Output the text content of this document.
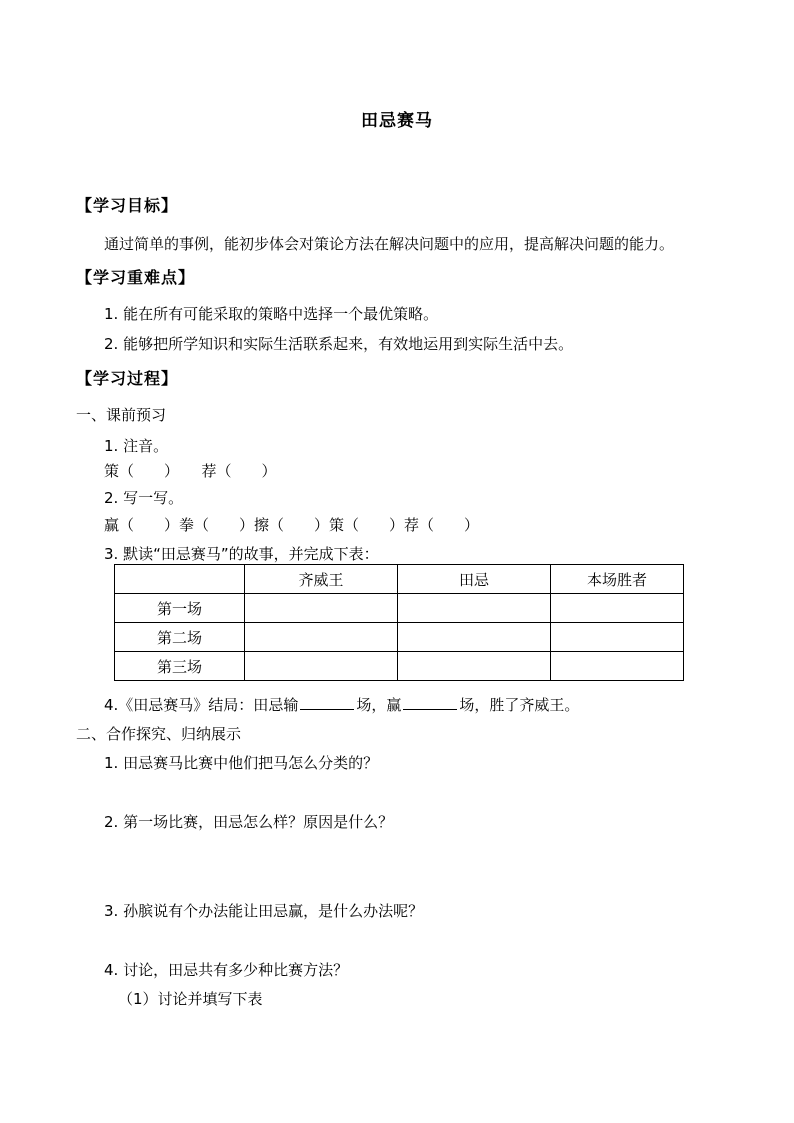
田忌赛马
【学习目标】
通过简单的事例，能初步体会对策论方法在解决问题中的应用，提高解决问题的能力。
【学习重难点】
1. 能在所有可能采取的策略中选择一个最优策略。
2. 能够把所学知识和实际生活联系起来，有效地运用到实际生活中去。
【学习过程】
一、课前预习
1. 注音。
策（　　）　　荐（　　）
2. 写一写。
赢（　　）拳（　　）擦（　　）策（　　）荐（　　）
3. 默读“田忌赛马”的故事，并完成下表：
	齐威王	田忌	本场胜者
第一场			
第二场			
第三场			
4.《田忌赛马》结局：田忌输	场，赢	场，胜了齐威王。
二、合作探究、归纳展示
1. 田忌赛马比赛中他们把马怎么分类的？
2. 第一场比赛，田忌怎么样？原因是什么？
3. 孙膑说有个办法能让田忌赢，是什么办法呢？
4. 讨论，田忌共有多少种比赛方法？
（1）讨论并填写下表
